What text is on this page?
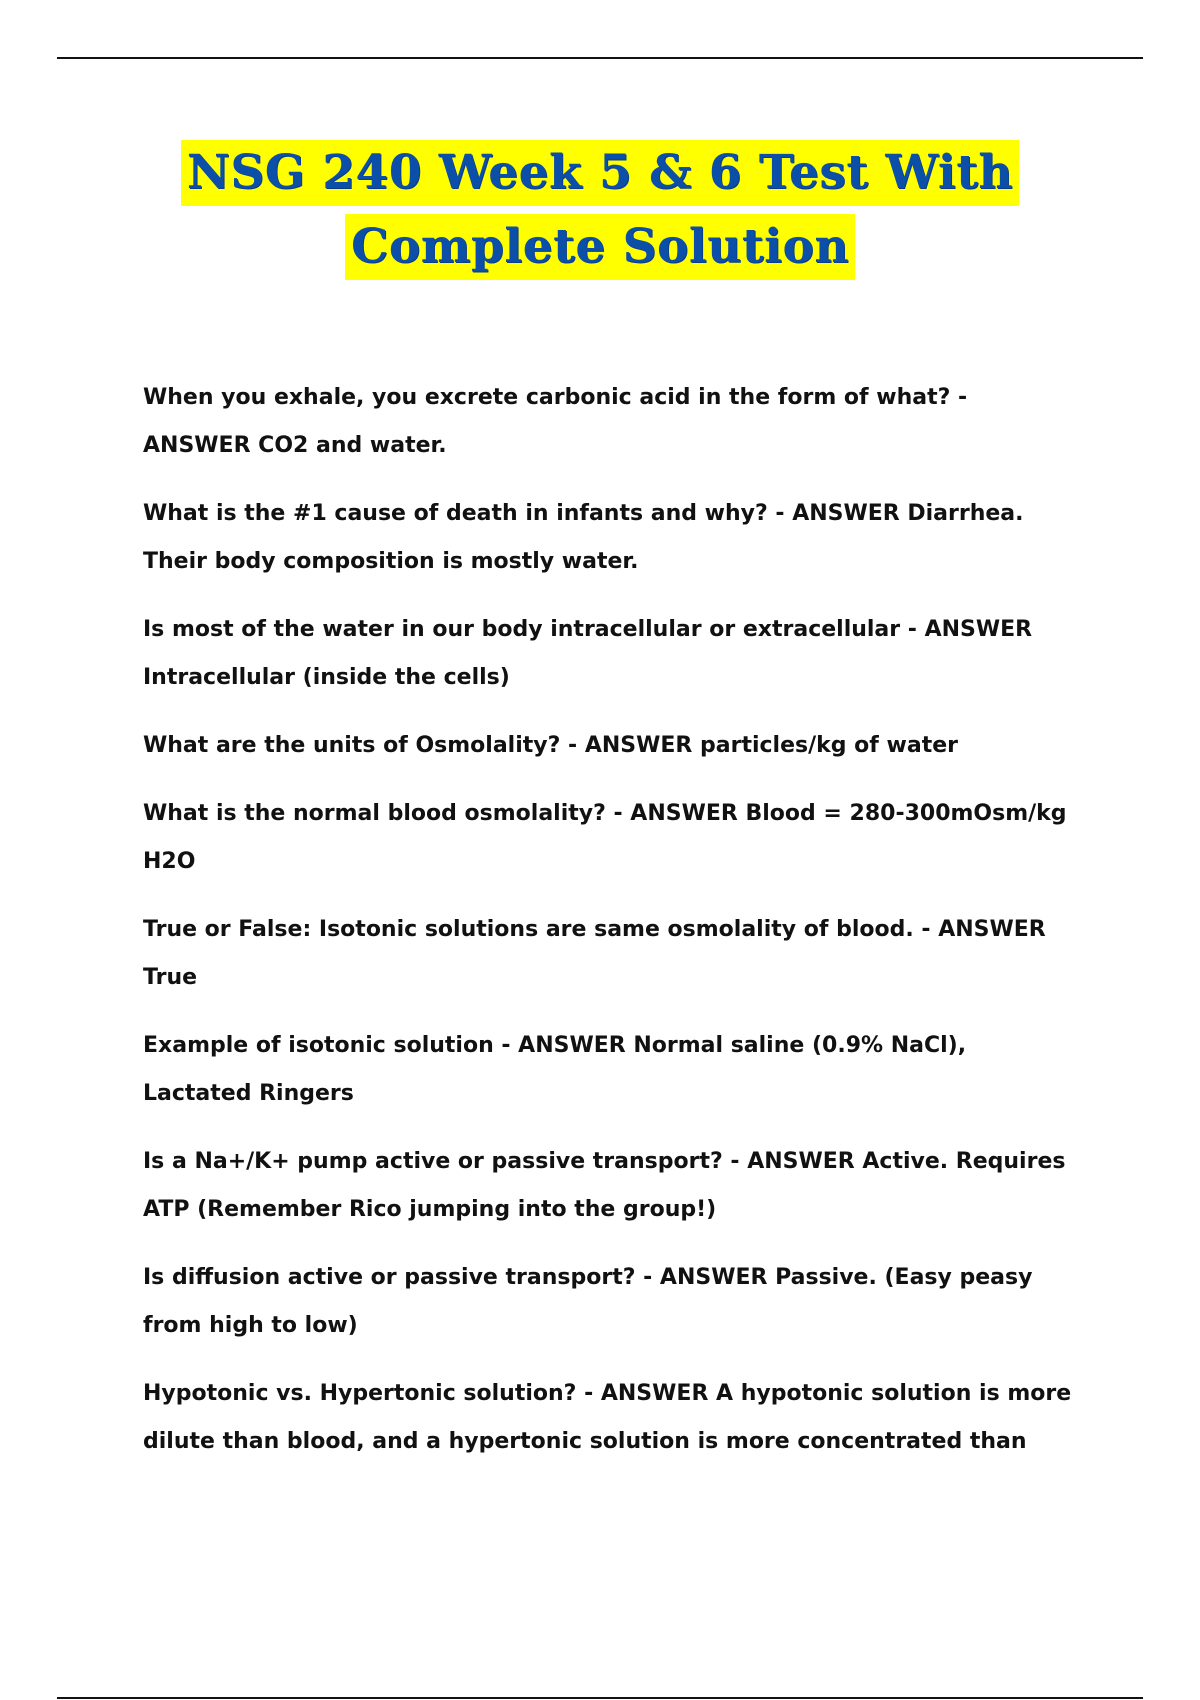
NSG 240 Week 5 & 6 Test With
Complete Solution
When you exhale, you excrete carbonic acid in the form of what? - ANSWER CO2 and water.
What is the #1 cause of death in infants and why? - ANSWER Diarrhea. Their body composition is mostly water.
Is most of the water in our body intracellular or extracellular - ANSWER Intracellular (inside the cells)
What are the units of Osmolality? - ANSWER particles/kg of water
What is the normal blood osmolality? - ANSWER Blood = 280-300mOsm/kg H2O
True or False: Isotonic solutions are same osmolality of blood. - ANSWER True
Example of isotonic solution - ANSWER Normal saline (0.9% NaCl), Lactated Ringers
Is a Na+/K+ pump active or passive transport? - ANSWER Active. Requires ATP (Remember Rico jumping into the group!)
Is diffusion active or passive transport? - ANSWER Passive. (Easy peasy from high to low)
Hypotonic vs. Hypertonic solution? - ANSWER A hypotonic solution is more dilute than blood, and a hypertonic solution is more concentrated than
